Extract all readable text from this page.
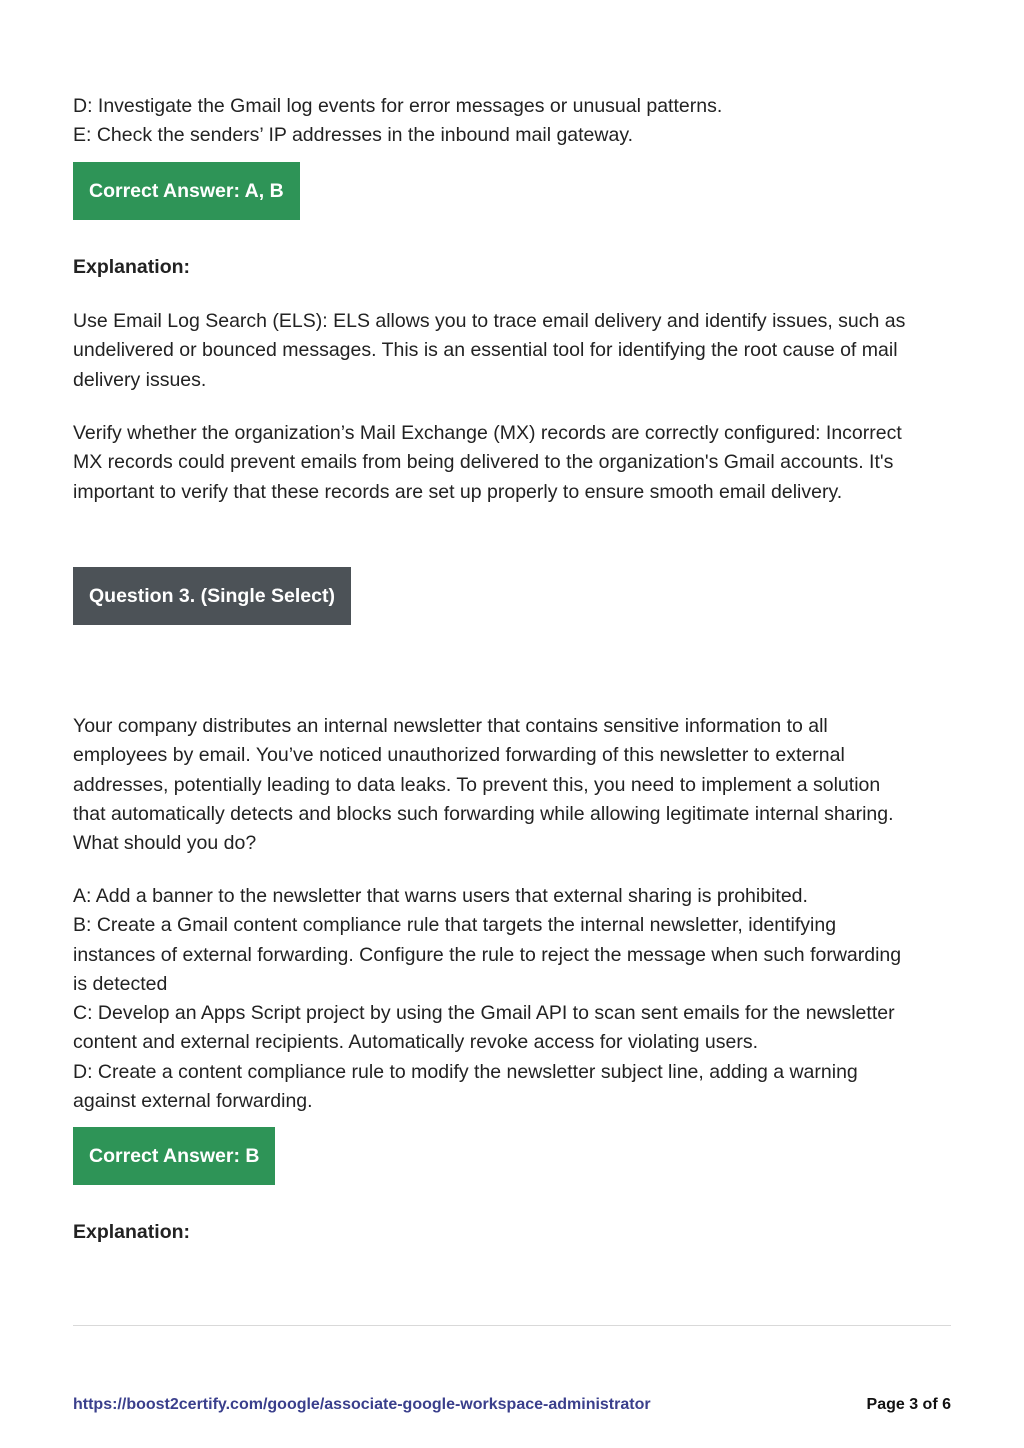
D: Investigate the Gmail log events for error messages or unusual patterns.
E: Check the senders’ IP addresses in the inbound mail gateway.
Correct Answer: A, B
Explanation:
Use Email Log Search (ELS): ELS allows you to trace email delivery and identify issues, such as
undelivered or bounced messages. This is an essential tool for identifying the root cause of mail
delivery issues.
Verify whether the organization’s Mail Exchange (MX) records are correctly configured: Incorrect
MX records could prevent emails from being delivered to the organization's Gmail accounts. It's
important to verify that these records are set up properly to ensure smooth email delivery.
Question 3. (Single Select)
Your company distributes an internal newsletter that contains sensitive information to all
employees by email. You’ve noticed unauthorized forwarding of this newsletter to external
addresses, potentially leading to data leaks. To prevent this, you need to implement a solution
that automatically detects and blocks such forwarding while allowing legitimate internal sharing.
What should you do?
A: Add a banner to the newsletter that warns users that external sharing is prohibited.
B: Create a Gmail content compliance rule that targets the internal newsletter, identifying
instances of external forwarding. Configure the rule to reject the message when such forwarding
is detected
C: Develop an Apps Script project by using the Gmail API to scan sent emails for the newsletter
content and external recipients. Automatically revoke access for violating users.
D: Create a content compliance rule to modify the newsletter subject line, adding a warning
against external forwarding.
Correct Answer: B
Explanation:
https://boost2certify.com/google/associate-google-workspace-administrator	Page 3 of 6
